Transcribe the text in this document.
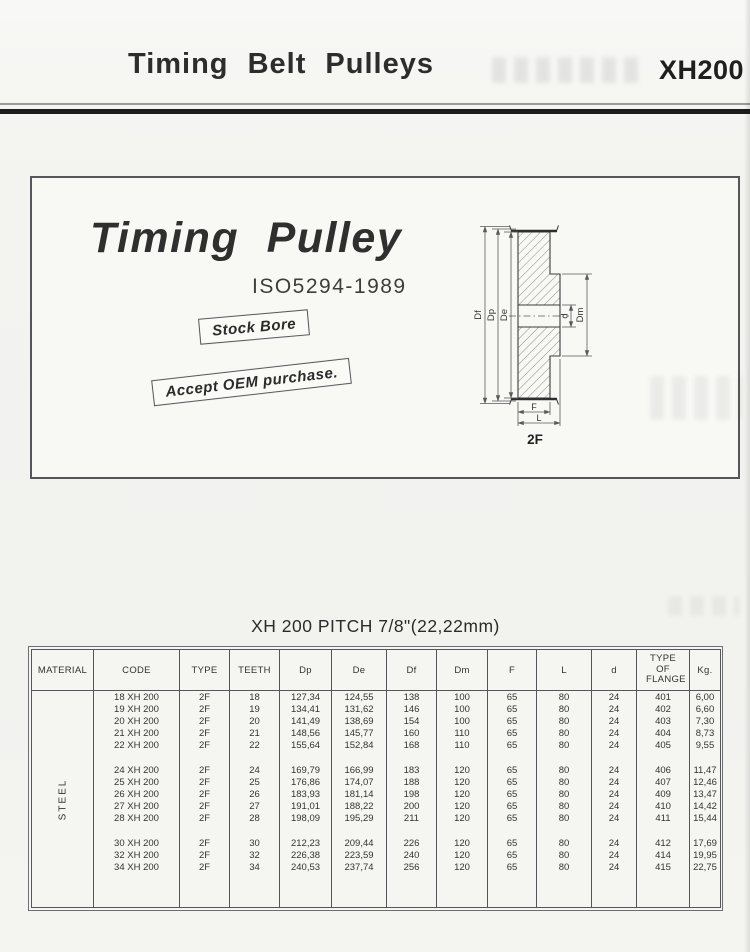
Timing Belt Pulleys	XH200
Timing Pulley
ISO5294-1989
Stock Bore
Accept OEM purchase.
Df Dp De	d Dm
F
L
2F
XH 200 PITCH 7/8"(22,22mm)
MATERIAL	CODE	TYPE	TEETH	Dp	De	Df	Dm	F	L	d	TYPE OF FLANGE	Kg.
STEEL	18 XH 200	2F	18	127,34	124,55	138	100	65	80	24	401	6,00
	19 XH 200	2F	19	134,41	131,62	146	100	65	80	24	402	6,60
	20 XH 200	2F	20	141,49	138,69	154	100	65	80	24	403	7,30
	21 XH 200	2F	21	148,56	145,77	160	110	65	80	24	404	8,73
	22 XH 200	2F	22	155,64	152,84	168	110	65	80	24	405	9,55

	24 XH 200	2F	24	169,79	166,99	183	120	65	80	24	406	11,47
	25 XH 200	2F	25	176,86	174,07	188	120	65	80	24	407	12,46
	26 XH 200	2F	26	183,93	181,14	198	120	65	80	24	409	13,47
	27 XH 200	2F	27	191,01	188,22	200	120	65	80	24	410	14,42
	28 XH 200	2F	28	198,09	195,29	211	120	65	80	24	411	15,44

	30 XH 200	2F	30	212,23	209,44	226	120	65	80	24	412	17,69
	32 XH 200	2F	32	226,38	223,59	240	120	65	80	24	414	19,95
	34 XH 200	2F	34	240,53	237,74	256	120	65	80	24	415	22,75
